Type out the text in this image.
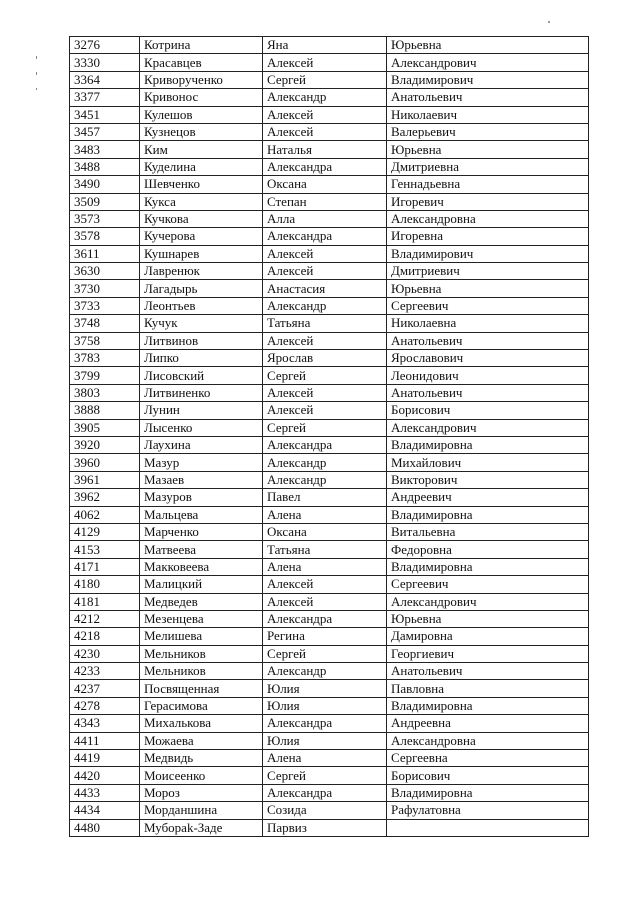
3276	Котрина	Яна	Юрьевна
3330	Красавцев	Алексей	Александрович
3364	Криворученко	Сергей	Владимирович
3377	Кривонос	Александр	Анатольевич
3451	Кулешов	Алексей	Николаевич
3457	Кузнецов	Алексей	Валерьевич
3483	Ким	Наталья	Юрьевна
3488	Куделина	Александра	Дмитриевна
3490	Шевченко	Оксана	Геннадьевна
3509	Кукса	Степан	Игоревич
3573	Кучкова	Алла	Александровна
3578	Кучерова	Александра	Игоревна
3611	Кушнарев	Алексей	Владимирович
3630	Лавренюк	Алексей	Дмитриевич
3730	Лагадырь	Анастасия	Юрьевна
3733	Леонтьев	Александр	Сергеевич
3748	Кучук	Татьяна	Николаевна
3758	Литвинов	Алексей	Анатольевич
3783	Липко	Ярослав	Ярославович
3799	Лисовский	Сергей	Леонидович
3803	Литвиненко	Алексей	Анатольевич
3888	Лунин	Алексей	Борисович
3905	Лысенко	Сергей	Александрович
3920	Лаухина	Александра	Владимировна
3960	Мазур	Александр	Михайлович
3961	Мазаев	Александр	Викторович
3962	Мазуров	Павел	Андреевич
4062	Мальцева	Алена	Владимировна
4129	Марченко	Оксана	Витальевна
4153	Матвеева	Татьяна	Федоровна
4171	Макковеева	Алена	Владимировна
4180	Малицкий	Алексей	Сергеевич
4181	Медведев	Алексей	Александрович
4212	Мезенцева	Александра	Юрьевна
4218	Мелишева	Регина	Дамировна
4230	Мельников	Сергей	Георгиевич
4233	Мельников	Александр	Анатольевич
4237	Посвященная	Юлия	Павловна
4278	Герасимова	Юлия	Владимировна
4343	Михалькова	Александра	Андреевна
4411	Можаева	Юлия	Александровна
4419	Медвидь	Алена	Сергеевна
4420	Моисеенко	Сергей	Борисович
4433	Мороз	Александра	Владимировна
4434	Морданшина	Созида	Рафулатовна
4480	Мубораk-Заде	Парвиз	
